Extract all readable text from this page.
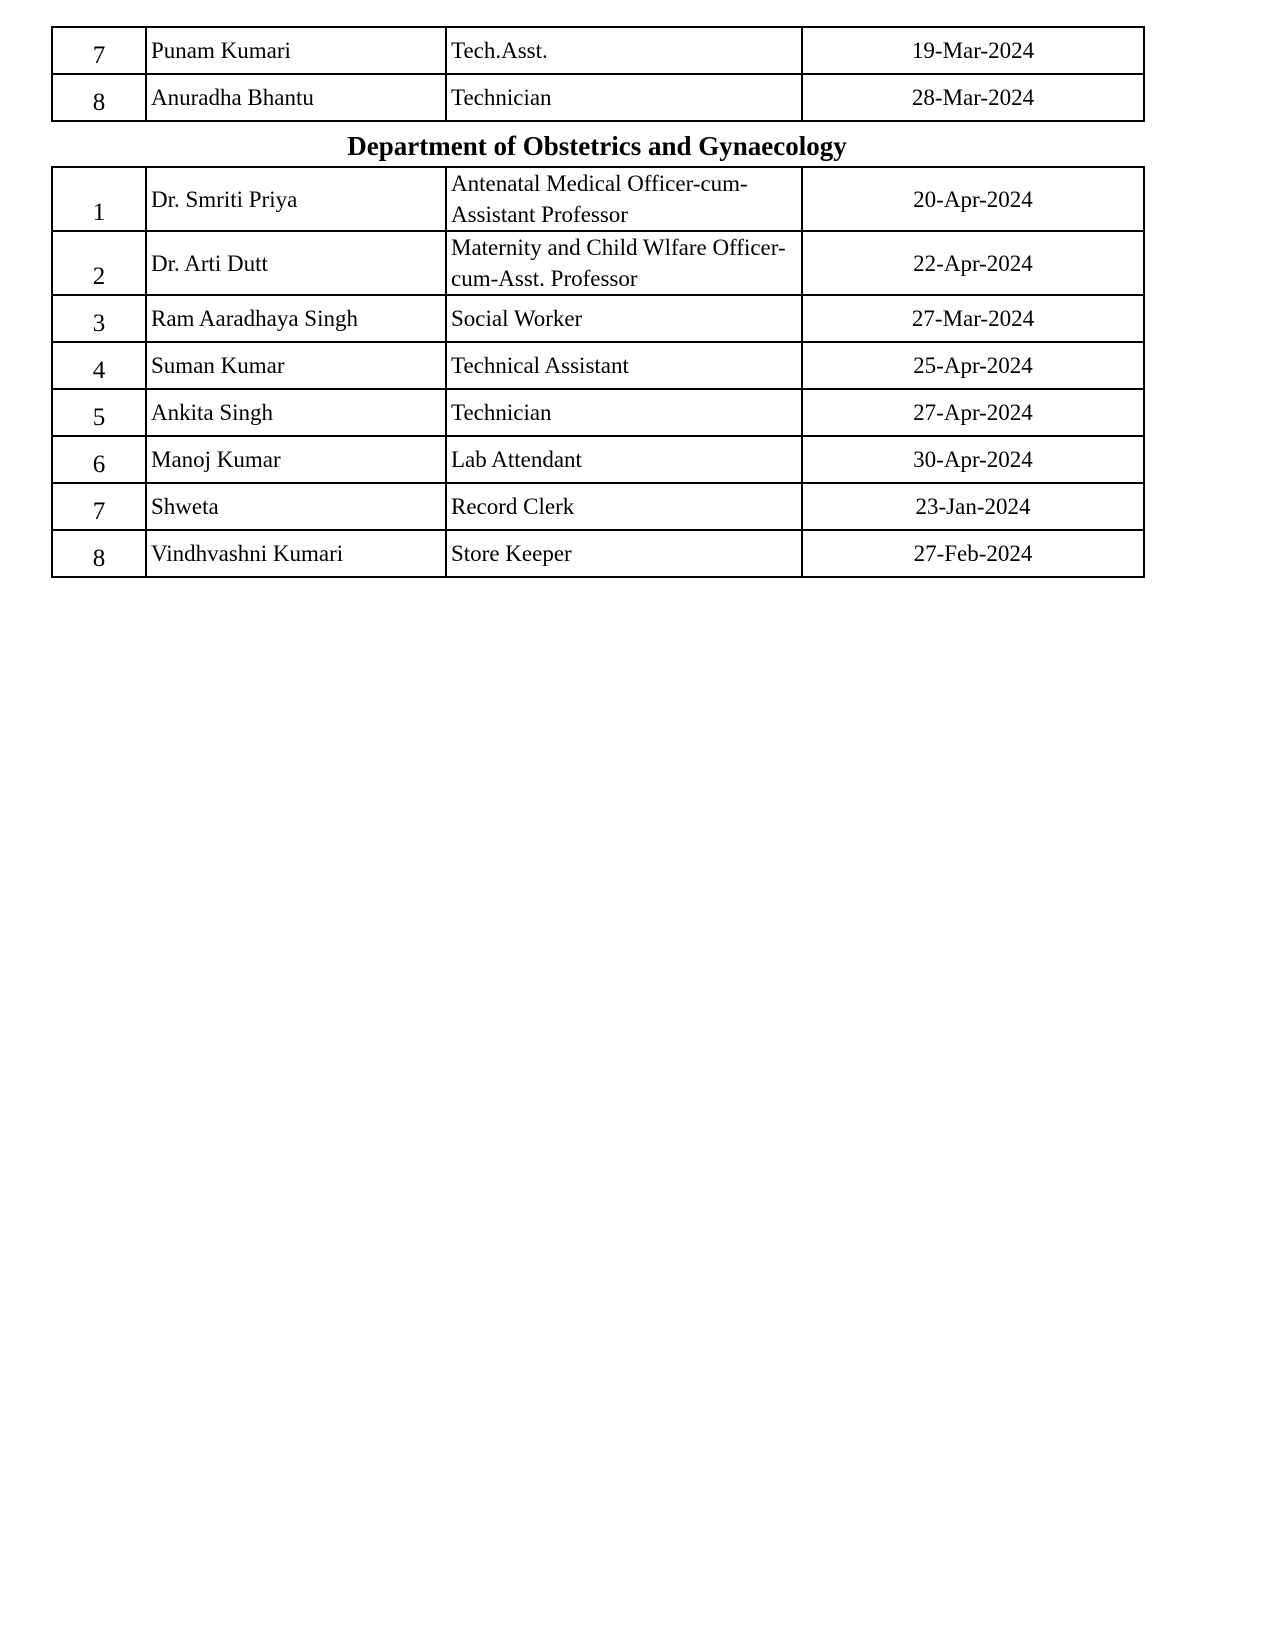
7	Punam Kumari	Tech.Asst.	19-Mar-2024
8	Anuradha Bhantu	Technician	28-Mar-2024
Department of Obstetrics and Gynaecology
1	Dr. Smriti Priya	Antenatal Medical Officer-cum-
Assistant Professor	20-Apr-2024
2	Dr. Arti Dutt	Maternity and Child Wlfare Officer-
cum-Asst. Professor	22-Apr-2024
3	Ram Aaradhaya Singh	Social Worker	27-Mar-2024
4	Suman Kumar	Technical Assistant	25-Apr-2024
5	Ankita Singh	Technician	27-Apr-2024
6	Manoj Kumar	Lab Attendant	30-Apr-2024
7	Shweta	Record Clerk	23-Jan-2024
8	Vindhvashni Kumari	Store Keeper	27-Feb-2024
